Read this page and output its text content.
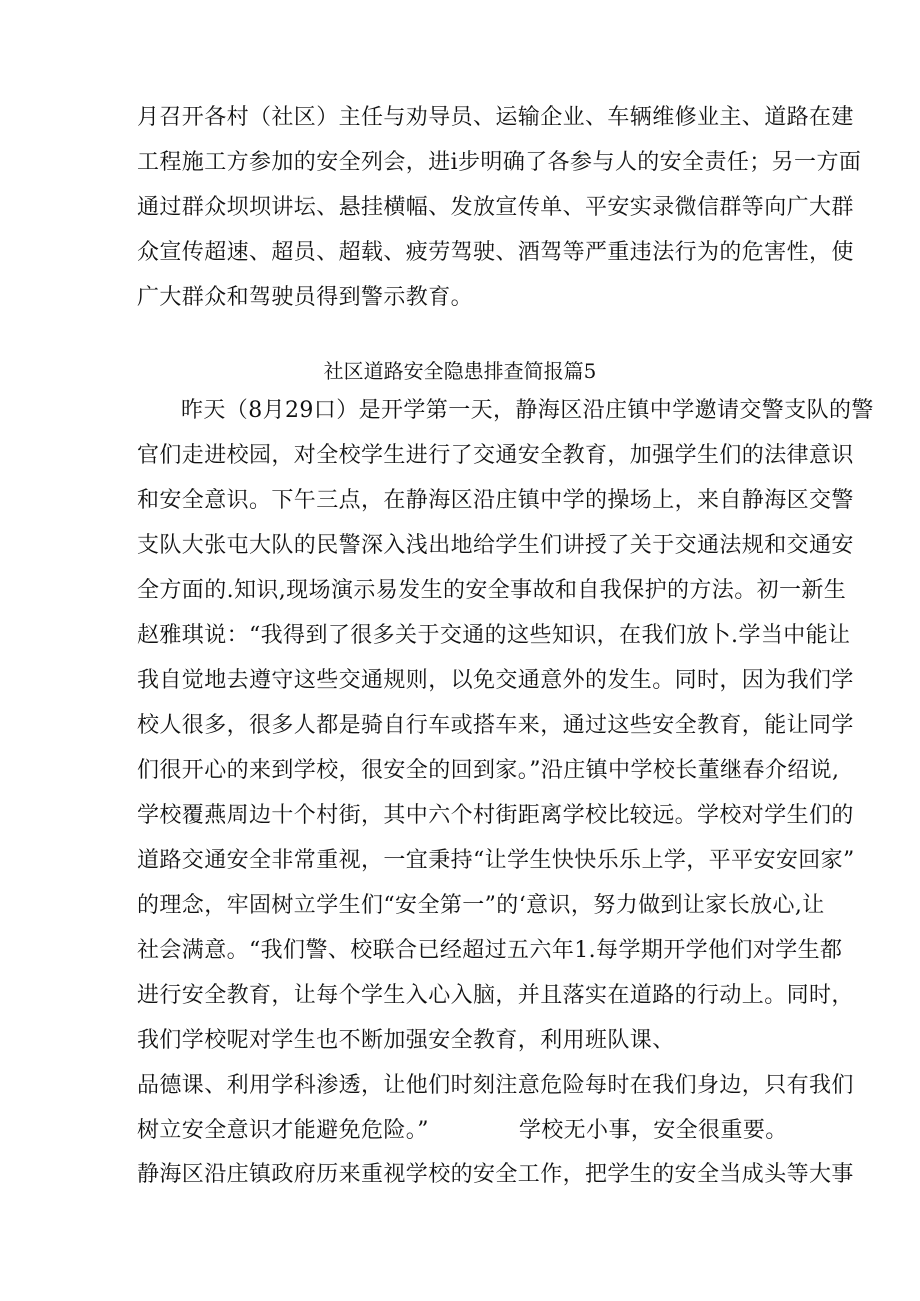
月召开各村（社区）主任与劝导员、运输企业、车辆维修业主、道路在建
工程施工方参加的安全列会，进i步明确了各参与人的安全责任；另一方面
通过群众坝坝讲坛、悬挂横幅、发放宣传单、平安实录微信群等向广大群
众宣传超速、超员、超载、疲劳驾驶、酒驾等严重违法行为的危害性，使
广大群众和驾驶员得到警示教育。
社区道路安全隐患排查简报篇5
昨天（8月29口）是开学第一天，静海区沿庄镇中学邀请交警支队的警
官们走进校园，对全校学生进行了交通安全教育，加强学生们的法律意识
和安全意识。下午三点，在静海区沿庄镇中学的操场上，来自静海区交警
支队大张屯大队的民警深入浅出地给学生们讲授了关于交通法规和交通安
全方面的.知识,现场演示易发生的安全事故和自我保护的方法。初一新生
赵雅琪说：“我得到了很多关于交通的这些知识，在我们放卜.学当中能让
我自觉地去遵守这些交通规则，以免交通意外的发生。同时，因为我们学
校人很多，很多人都是骑自行车或搭车来，通过这些安全教育，能让同学
们很开心的来到学校，很安全的回到家。”沿庄镇中学校长董继春介绍说,
学校覆燕周边十个村街，其中六个村街距离学校比较远。学校对学生们的
道路交通安全非常重视，一宜秉持“让学生快快乐乐上学，平平安安回家”
的理念，牢固树立学生们“安全第一”的‘意识，努力做到让家长放心,让
社会满意。“我们警、校联合已经超过五六年1.每学期开学他们对学生都
进行安全教育，让每个学生入心入脑，并且落实在道路的行动上。同时，
我们学校呢对学生也不断加强安全教育，利用班队课、
品德课、利用学科渗透，让他们时刻注意危险每时在我们身边，只有我们
树立安全意识才能避免危险。”	学校无小事，安全很重要。
静海区沿庄镇政府历来重视学校的安全工作，把学生的安全当成头等大事
